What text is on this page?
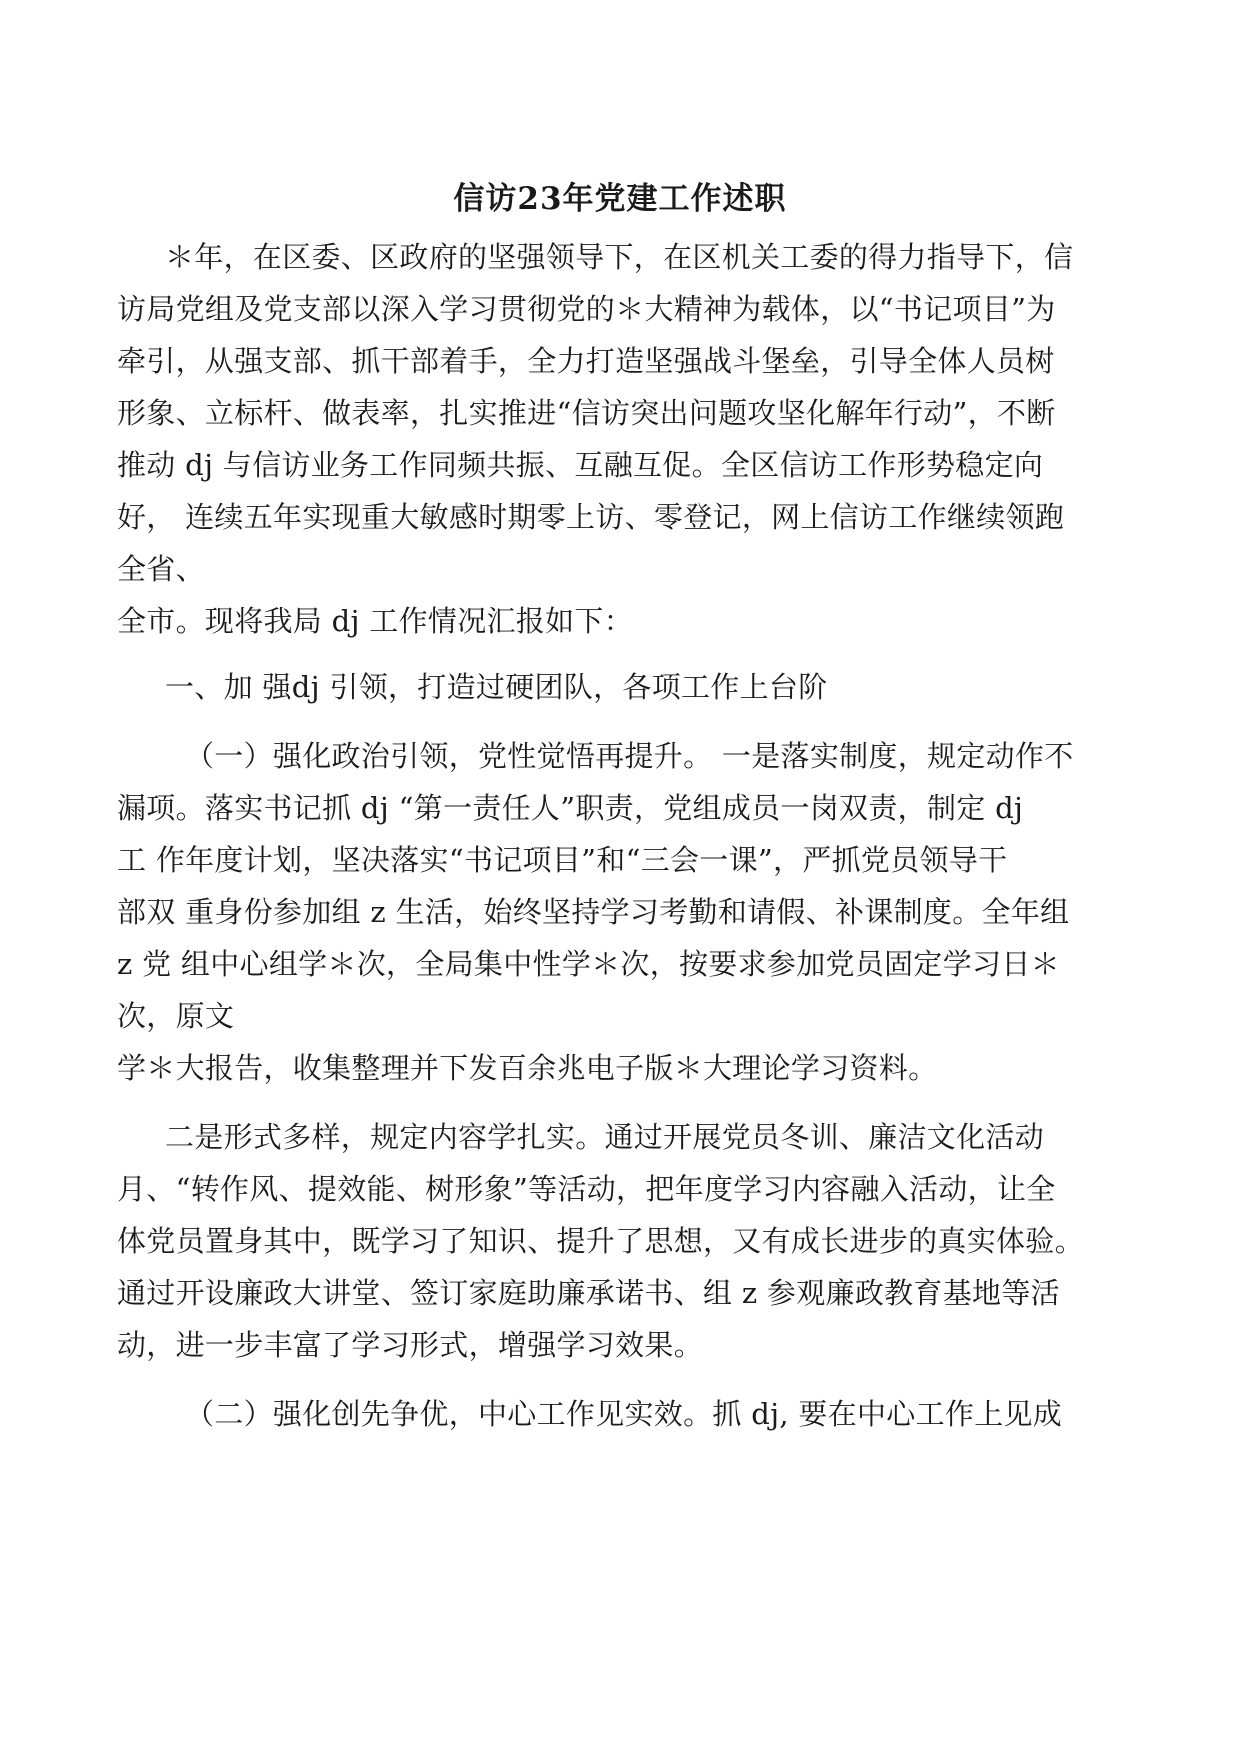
信访23年党建工作述职
＊年，在区委、区政府的坚强领导下，在区机关工委的得力指导下，信
访局党组及党支部以深入学习贯彻党的＊大精神为载体，以“书记项目”为
牵引，从强支部、抓干部着手，全力打造坚强战斗堡垒，引导全体人员树
形象、立标杆、做表率，扎实推进“信访突出问题攻坚化解年行动”，不断
推动 dj 与信访业务工作同频共振、互融互促。全区信访工作形势稳定向
好， 连续五年实现重大敏感时期零上访、零登记，网上信访工作继续领跑
全省、
全市。现将我局 dj 工作情况汇报如下：
一、加 强dj 引领，打造过硬团队，各项工作上台阶
（一）强化政治引领，党性觉悟再提升。 一是落实制度，规定动作不
漏项。落实书记抓 dj “第一责任人”职责，党组成员一岗双责，制定 dj
工 作年度计划，坚决落实“书记项目”和“三会一课”，严抓党员领导干
部双 重身份参加组 z 生活，始终坚持学习考勤和请假、补课制度。全年组
z 党 组中心组学＊次，全局集中性学＊次，按要求参加党员固定学习日＊
次，原文
学＊大报告，收集整理并下发百余兆电子版＊大理论学习资料。
二是形式多样，规定内容学扎实。通过开展党员冬训、廉洁文化活动
月、“转作风、提效能、树形象”等活动，把年度学习内容融入活动，让全
体党员置身其中，既学习了知识、提升了思想，又有成长进步的真实体验。
通过开设廉政大讲堂、签订家庭助廉承诺书、组 z 参观廉政教育基地等活
动，进一步丰富了学习形式，增强学习效果。
（二）强化创先争优，中心工作见实效。抓 dj, 要在中心工作上见成
